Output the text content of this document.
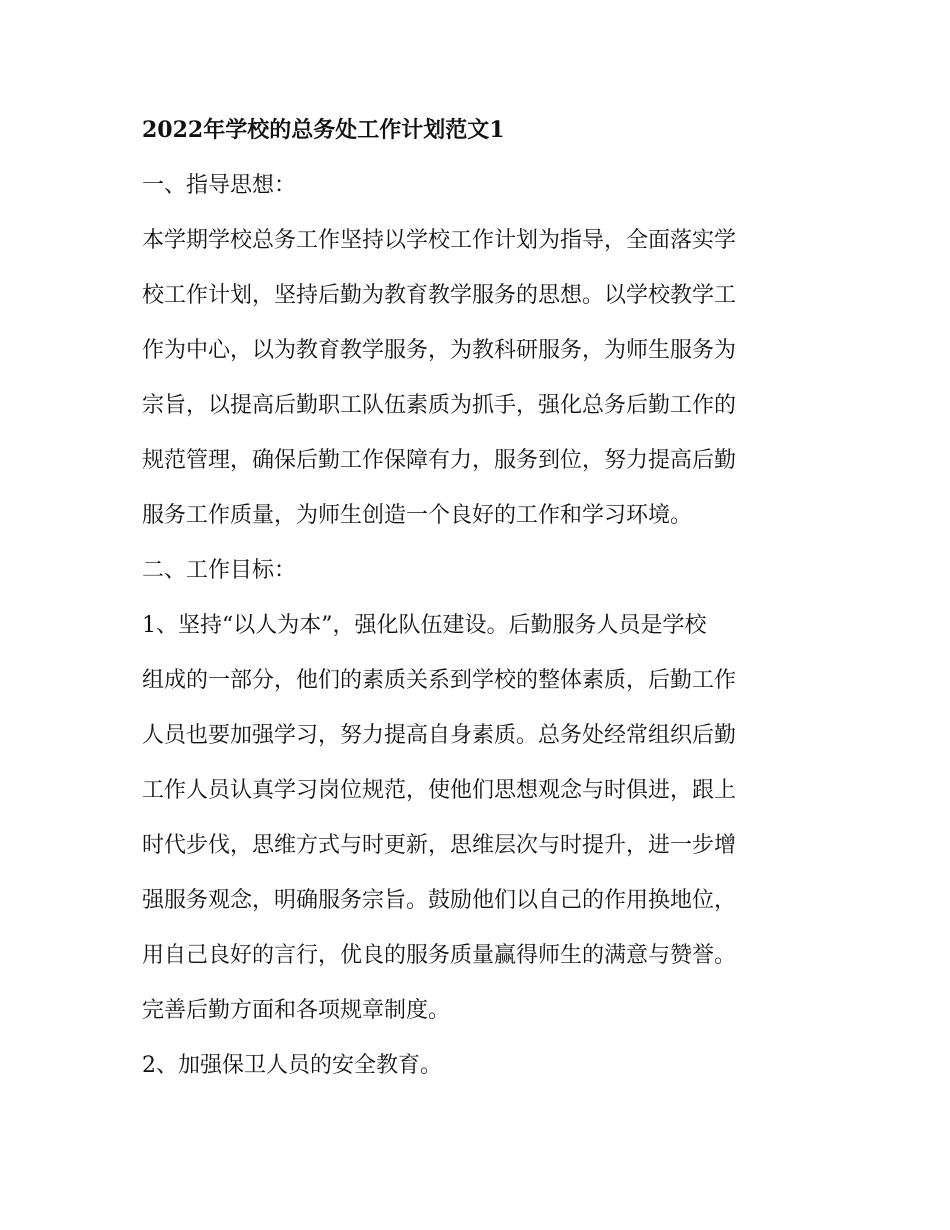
2022年学校的总务处工作计划范文1
一、指导思想：
本学期学校总务工作坚持以学校工作计划为指导，全面落实学
校工作计划，坚持后勤为教育教学服务的思想。以学校教学工
作为中心，以为教育教学服务，为教科研服务，为师生服务为
宗旨，以提高后勤职工队伍素质为抓手，强化总务后勤工作的
规范管理，确保后勤工作保障有力，服务到位，努力提高后勤
服务工作质量，为师生创造一个良好的工作和学习环境。
二、工作目标：
1、坚持“以人为本”，强化队伍建设。后勤服务人员是学校
组成的一部分，他们的素质关系到学校的整体素质，后勤工作
人员也要加强学习，努力提高自身素质。总务处经常组织后勤
工作人员认真学习岗位规范，使他们思想观念与时俱进，跟上
时代步伐，思维方式与时更新，思维层次与时提升，进一步增
强服务观念，明确服务宗旨。鼓励他们以自己的作用换地位，
用自己良好的言行，优良的服务质量赢得师生的满意与赞誉。
完善后勤方面和各项规章制度。
2、加强保卫人员的安全教育。
